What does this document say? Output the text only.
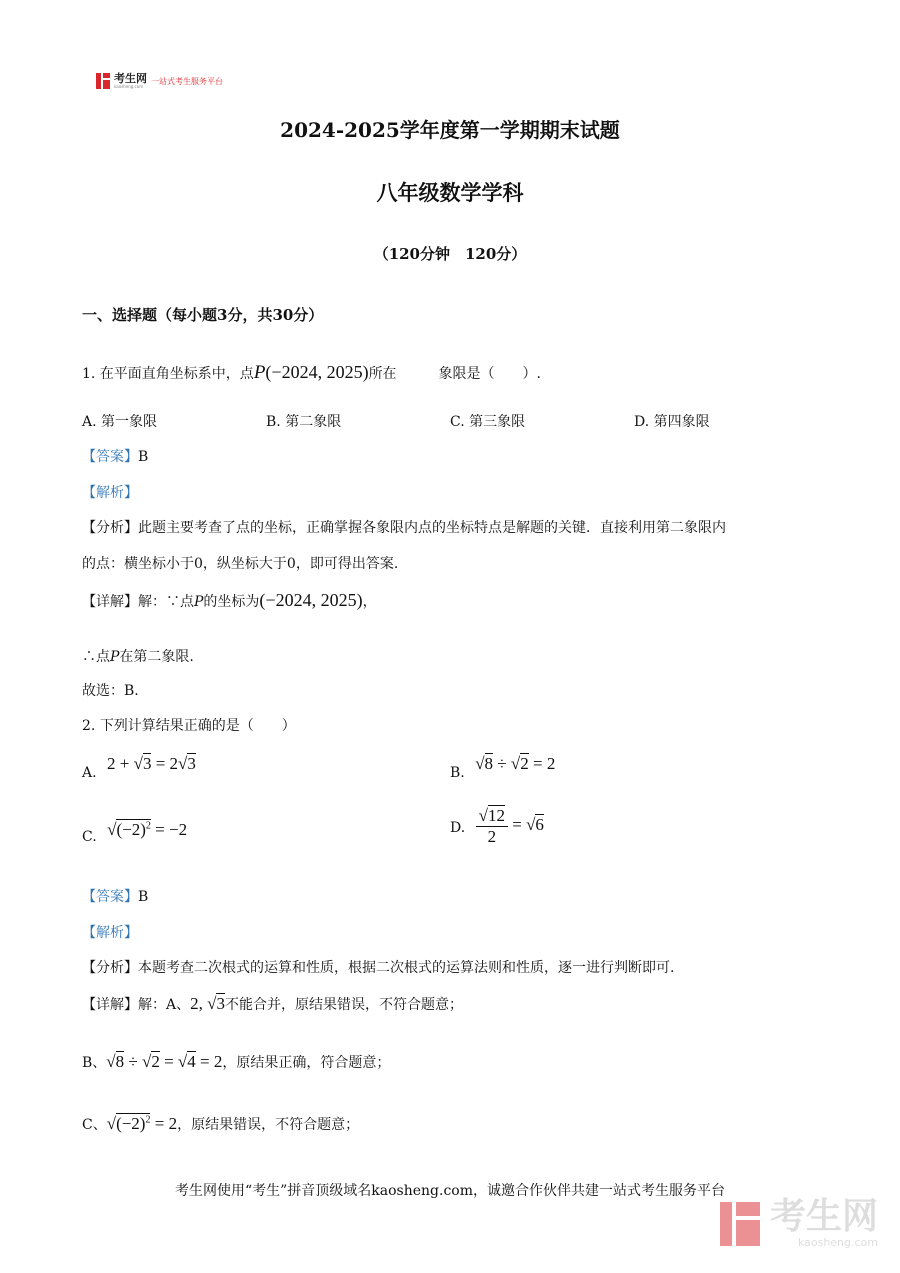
考生网
kaosheng.com
一站式考生服务平台
2024-2025学年度第一学期期末试题
八年级数学学科
（120分钟　120分）
一、选择题（每小题3分，共30分）
1. 在平面直角坐标系中，点P(−2024, 2025)所在　　　象限是（　　）.
A. 第一象限	B. 第二象限	C. 第三象限	D. 第四象限
【答案】B
【解析】
【分析】此题主要考查了点的坐标，正确掌握各象限内点的坐标特点是解题的关键．直接利用第二象限内
的点：横坐标小于0，纵坐标大于0，即可得出答案.
【详解】解：∵点P的坐标为(−2024, 2025)，
∴点P在第二象限.
故选：B.
2. 下列计算结果正确的是（　　）
A. 2 + √3 = 2√3	B. √8 ÷ √2 = 2
C. $√(-2)^2 = -2$	D. $\frac{√12}{2} = √6$
【答案】B
【解析】
【分析】本题考查二次根式的运算和性质，根据二次根式的运算法则和性质，逐一进行判断即可.
【详解】解：A、2, √3不能合并，原结果错误，不符合题意；
B、√8 ÷ √2 = √4 = 2，原结果正确，符合题意；
C、$√(-2)^2 = 2$，原结果错误，不符合题意；
考生网使用“考生”拼音顶级域名kaosheng.com，诚邀合作伙伴共建一站式考生服务平台
考生网
kaosheng.com
